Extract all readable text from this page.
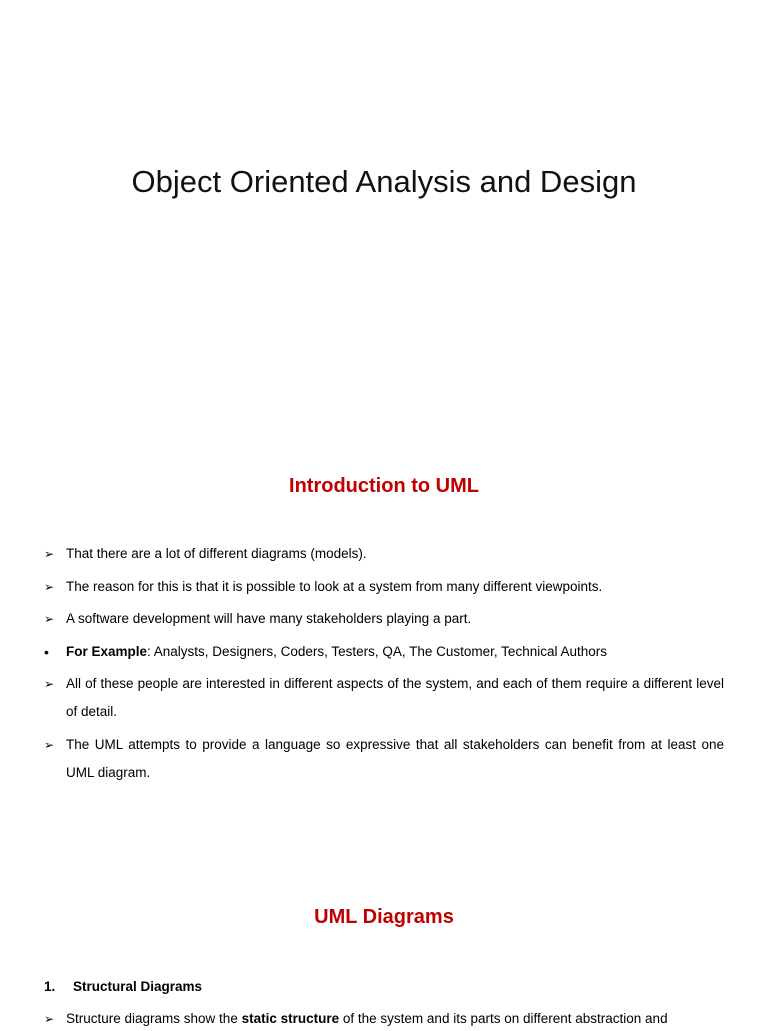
Object Oriented Analysis and Design
Introduction to UML
➢ That there are a lot of different diagrams (models).
➢ The reason for this is that it is possible to look at a system from many different viewpoints.
➢ A software development will have many stakeholders playing a part.
•	For Example: Analysts, Designers, Coders, Testers, QA, The Customer, Technical Authors
➢ All of these people are interested in different aspects of the system, and each of them require a different level of detail.
➢ The UML attempts to provide a language so expressive that all stakeholders can benefit from at least one UML diagram.
UML Diagrams
1. Structural Diagrams
➢ Structure diagrams show the static structure of the system and its parts on different abstraction and
